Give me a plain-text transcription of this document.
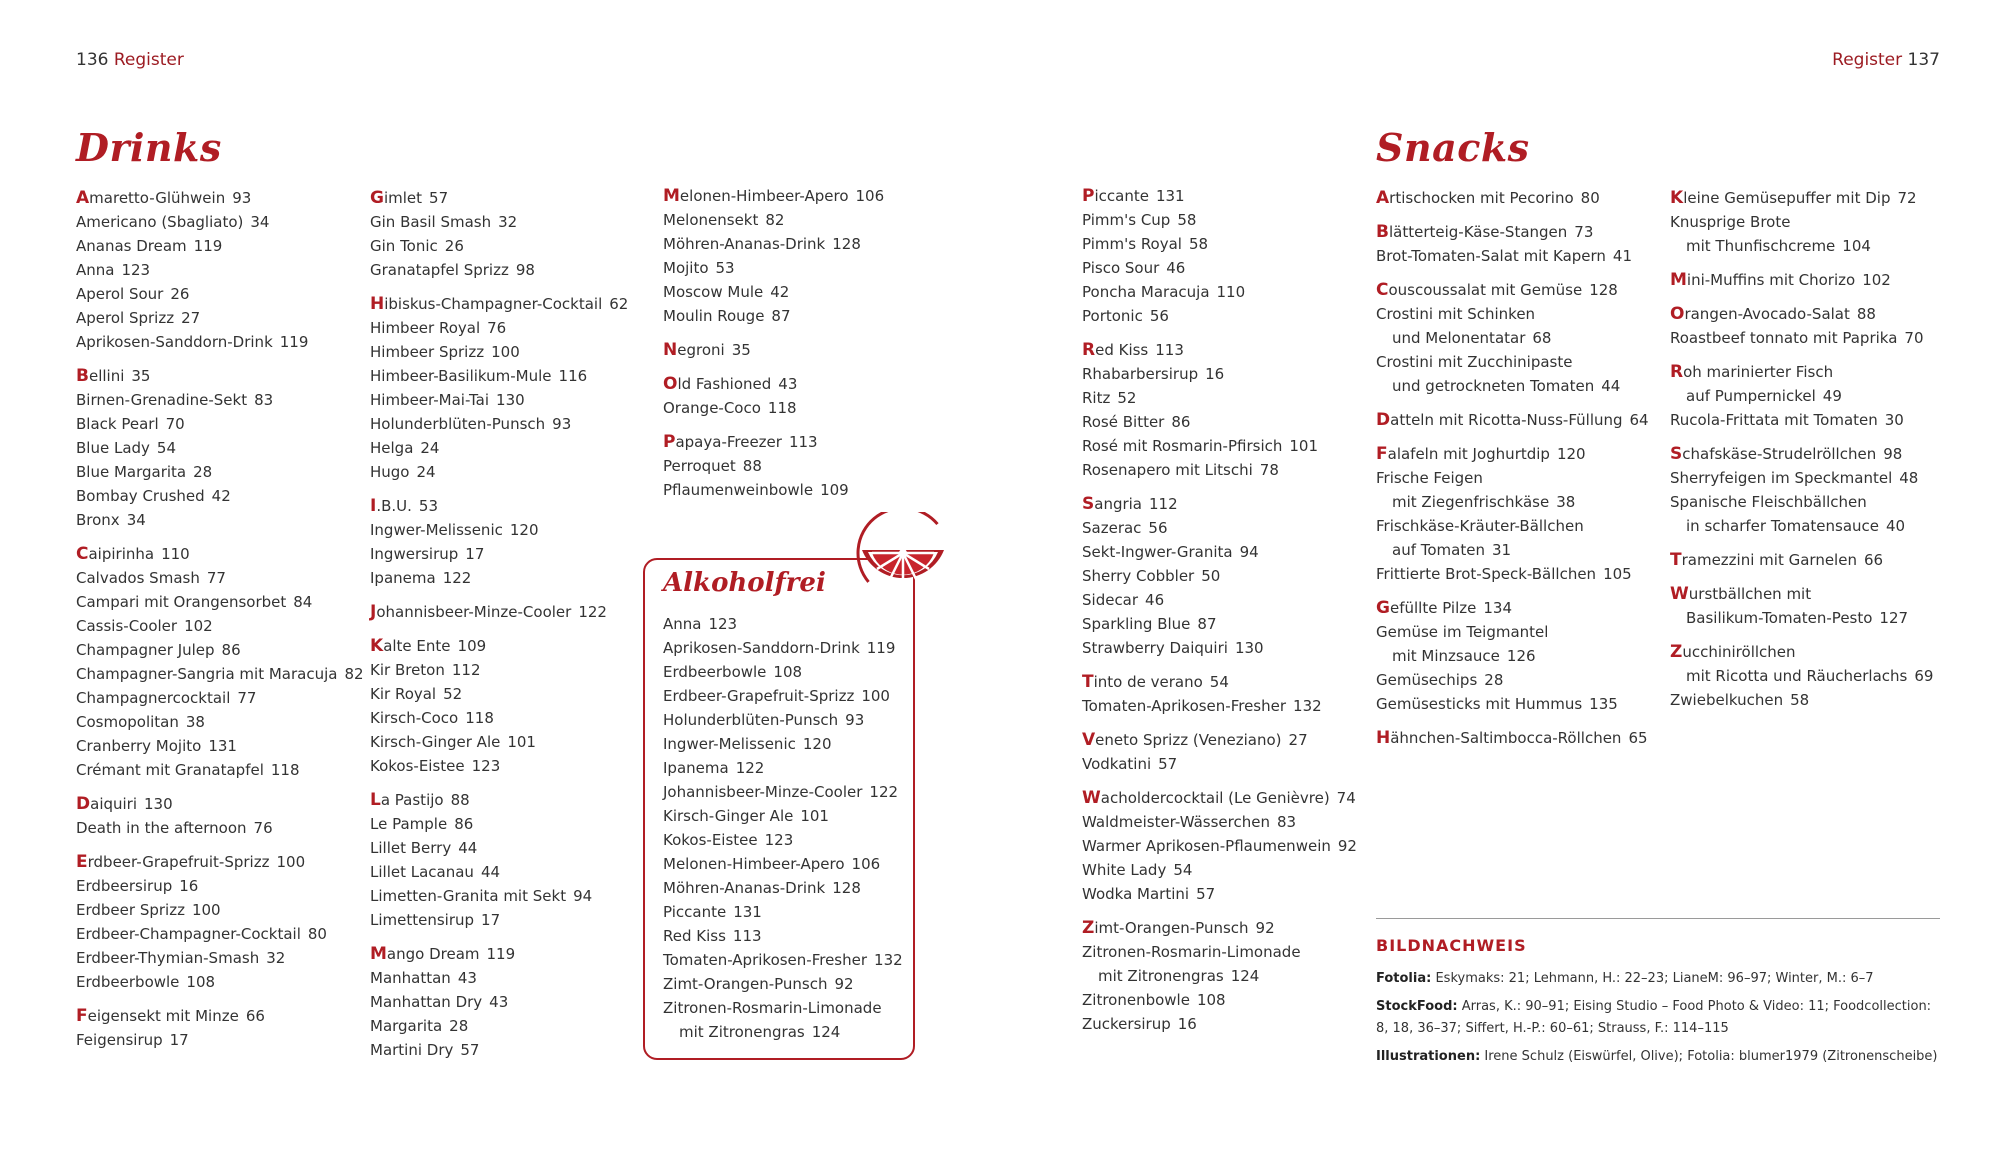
136 Register	Register 137
Drinks	Snacks
Amaretto-Glühwein 93
Americano (Sbagliato) 34
Ananas Dream 119
Anna 123
Aperol Sour 26
Aperol Sprizz 27
Aprikosen-Sanddorn-Drink 119
Bellini 35
Birnen-Grenadine-Sekt 83
Black Pearl 70
Blue Lady 54
Blue Margarita 28
Bombay Crushed 42
Bronx 34
Caipirinha 110
Calvados Smash 77
Campari mit Orangensorbet 84
Cassis-Cooler 102
Champagner Julep 86
Champagner-Sangria mit Maracuja 82
Champagnercocktail 77
Cosmopolitan 38
Cranberry Mojito 131
Crémant mit Granatapfel 118
Daiquiri 130
Death in the afternoon 76
Erdbeer-Grapefruit-Sprizz 100
Erdbeersirup 16
Erdbeer Sprizz 100
Erdbeer-Champagner-Cocktail 80
Erdbeer-Thymian-Smash 32
Erdbeerbowle 108
Feigensekt mit Minze 66
Feigensirup 17
Gimlet 57
Gin Basil Smash 32
Gin Tonic 26
Granatapfel Sprizz 98
Hibiskus-Champagner-Cocktail 62
Himbeer Royal 76
Himbeer Sprizz 100
Himbeer-Basilikum-Mule 116
Himbeer-Mai-Tai 130
Holunderblüten-Punsch 93
Helga 24
Hugo 24
I.B.U. 53
Ingwer-Melissenic 120
Ingwersirup 17
Ipanema 122
Johannisbeer-Minze-Cooler 122
Kalte Ente 109
Kir Breton 112
Kir Royal 52
Kirsch-Coco 118
Kirsch-Ginger Ale 101
Kokos-Eistee 123
La Pastijo 88
Le Pample 86
Lillet Berry 44
Lillet Lacanau 44
Limetten-Granita mit Sekt 94
Limettensirup 17
Mango Dream 119
Manhattan 43
Manhattan Dry 43
Margarita 28
Martini Dry 57
Melonen-Himbeer-Apero 106
Melonensekt 82
Möhren-Ananas-Drink 128
Mojito 53
Moscow Mule 42
Moulin Rouge 87
Negroni 35
Old Fashioned 43
Orange-Coco 118
Papaya-Freezer 113
Perroquet 88
Pflaumenweinbowle 109
Piccante 131
Pimm's Cup 58
Pimm's Royal 58
Pisco Sour 46
Poncha Maracuja 110
Portonic 56
Red Kiss 113
Rhabarbersirup 16
Ritz 52
Rosé Bitter 86
Rosé mit Rosmarin-Pfirsich 101
Rosenapero mit Litschi 78
Sangria 112
Sazerac 56
Sekt-Ingwer-Granita 94
Sherry Cobbler 50
Sidecar 46
Sparkling Blue 87
Strawberry Daiquiri 130
Tinto de verano 54
Tomaten-Aprikosen-Fresher 132
Veneto Sprizz (Veneziano) 27
Vodkatini 57
Wacholdercocktail (Le Genièvre) 74
Waldmeister-Wässerchen 83
Warmer Aprikosen-Pflaumenwein 92
White Lady 54
Wodka Martini 57
Zimt-Orangen-Punsch 92
Zitronen-Rosmarin-Limonade
mit Zitronengras 124
Zitronenbowle 108
Zuckersirup 16
Artischocken mit Pecorino 80
Blätterteig-Käse-Stangen 73
Brot-Tomaten-Salat mit Kapern 41
Couscoussalat mit Gemüse 128
Crostini mit Schinken
und Melonentatar 68
Crostini mit Zucchinipaste
und getrockneten Tomaten 44
Datteln mit Ricotta-Nuss-Füllung 64
Falafeln mit Joghurtdip 120
Frische Feigen
mit Ziegenfrischkäse 38
Frischkäse-Kräuter-Bällchen
auf Tomaten 31
Frittierte Brot-Speck-Bällchen 105
Gefüllte Pilze 134
Gemüse im Teigmantel
mit Minzsauce 126
Gemüsechips 28
Gemüsesticks mit Hummus 135
Hähnchen-Saltimbocca-Röllchen 65
Kleine Gemüsepuffer mit Dip 72
Knusprige Brote
mit Thunfischcreme 104
Mini-Muffins mit Chorizo 102
Orangen-Avocado-Salat 88
Roastbeef tonnato mit Paprika 70
Roh marinierter Fisch
auf Pumpernickel 49
Rucola-Frittata mit Tomaten 30
Schafskäse-Strudelröllchen 98
Sherryfeigen im Speckmantel 48
Spanische Fleischbällchen
in scharfer Tomatensauce 40
Tramezzini mit Garnelen 66
Wurstbällchen mit
Basilikum-Tomaten-Pesto 127
Zucchiniröllchen
mit Ricotta und Räucherlachs 69
Zwiebelkuchen 58
Alkoholfrei
Anna 123
Aprikosen-Sanddorn-Drink 119
Erdbeerbowle 108
Erdbeer-Grapefruit-Sprizz 100
Holunderblüten-Punsch 93
Ingwer-Melissenic 120
Ipanema 122
Johannisbeer-Minze-Cooler 122
Kirsch-Ginger Ale 101
Kokos-Eistee 123
Melonen-Himbeer-Apero 106
Möhren-Ananas-Drink 128
Piccante 131
Red Kiss 113
Tomaten-Aprikosen-Fresher 132
Zimt-Orangen-Punsch 92
Zitronen-Rosmarin-Limonade
mit Zitronengras 124
BILDNACHWEIS
Fotolia: Eskymaks: 21; Lehmann, H.: 22–23; LianeM: 96–97; Winter, M.: 6–7
StockFood: Arras, K.: 90–91; Eising Studio – Food Photo & Video: 11; Foodcollection: 8, 18, 36–37; Siffert, H.-P.: 60–61; Strauss, F.: 114–115
Illustrationen: Irene Schulz (Eiswürfel, Olive); Fotolia: blumer1979 (Zitronenscheibe)
